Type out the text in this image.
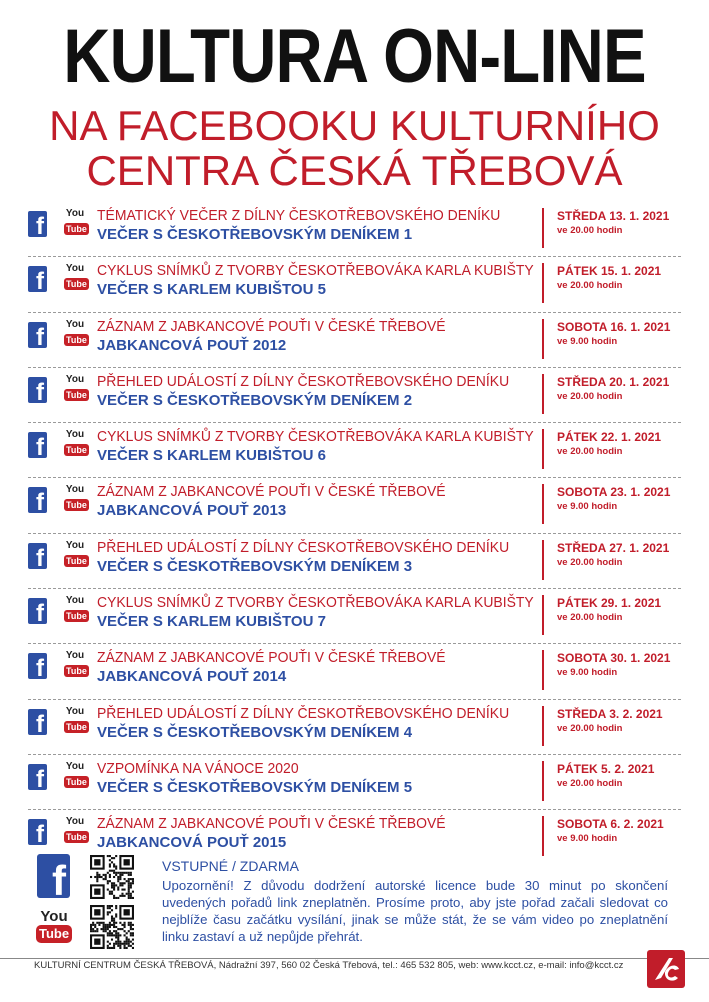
KULTURA ON-LINE
NA FACEBOOKU KULTURNÍHO
CENTRA ČESKÁ TŘEBOVÁ
f You
Tube
TÉMATICKÝ VEČER Z DÍLNY ČESKOTŘEBOVSKÉHO DENÍKU
VEČER S ČESKOTŘEBOVSKÝM DENÍKEM 1
STŘEDA 13. 1. 2021
ve 20.00 hodin
f You
Tube
CYKLUS SNÍMKŮ Z TVORBY ČESKOTŘEBOVÁKA KARLA KUBIŠTY
VEČER S KARLEM KUBIŠTOU 5
PÁTEK 15. 1. 2021
ve 20.00 hodin
f You
Tube
ZÁZNAM Z JABKANCOVÉ POUŤI V ČESKÉ TŘEBOVÉ
JABKANCOVÁ POUŤ 2012
SOBOTA 16. 1. 2021
ve 9.00 hodin
f You
Tube
PŘEHLED UDÁLOSTÍ Z DÍLNY ČESKOTŘEBOVSKÉHO DENÍKU
VEČER S ČESKOTŘEBOVSKÝM DENÍKEM 2
STŘEDA 20. 1. 2021
ve 20.00 hodin
f You
Tube
CYKLUS SNÍMKŮ Z TVORBY ČESKOTŘEBOVÁKA KARLA KUBIŠTY
VEČER S KARLEM KUBIŠTOU 6
PÁTEK 22. 1. 2021
ve 20.00 hodin
f You
Tube
ZÁZNAM Z JABKANCOVÉ POUŤI V ČESKÉ TŘEBOVÉ
JABKANCOVÁ POUŤ 2013
SOBOTA 23. 1. 2021
ve 9.00 hodin
f You
Tube
PŘEHLED UDÁLOSTÍ Z DÍLNY ČESKOTŘEBOVSKÉHO DENÍKU
VEČER S ČESKOTŘEBOVSKÝM DENÍKEM 3
STŘEDA 27. 1. 2021
ve 20.00 hodin
f You
Tube
CYKLUS SNÍMKŮ Z TVORBY ČESKOTŘEBOVÁKA KARLA KUBIŠTY
VEČER S KARLEM KUBIŠTOU 7
PÁTEK 29. 1. 2021
ve 20.00 hodin
f You
Tube
ZÁZNAM Z JABKANCOVÉ POUŤI V ČESKÉ TŘEBOVÉ
JABKANCOVÁ POUŤ 2014
SOBOTA 30. 1. 2021
ve 9.00 hodin
f You
Tube
PŘEHLED UDÁLOSTÍ Z DÍLNY ČESKOTŘEBOVSKÉHO DENÍKU
VEČER S ČESKOTŘEBOVSKÝM DENÍKEM 4
STŘEDA 3. 2. 2021
ve 20.00 hodin
f You
Tube
VZPOMÍNKA NA VÁNOCE 2020
VEČER S ČESKOTŘEBOVSKÝM DENÍKEM 5
PÁTEK 5. 2. 2021
ve 20.00 hodin
f You
Tube
ZÁZNAM Z JABKANCOVÉ POUŤI V ČESKÉ TŘEBOVÉ
JABKANCOVÁ POUŤ 2015
SOBOTA 6. 2. 2021
ve 9.00 hodin
f
You
Tube
VSTUPNÉ / ZDARMA
Upozornění! Z důvodu dodržení autorské licence bude 30 minut po skončení uvedených pořadů link zneplatněn. Prosíme proto, aby jste pořad začali sledovat co nejblíže času začátku vysílání, jinak se může stát, že se vám video po zneplatnění linku zastaví a už nepůjde přehrát.
KULTURNÍ CENTRUM ČESKÁ TŘEBOVÁ, Nádražní 397, 560 02 Česká Třebová, tel.: 465 532 805, web: www.kcct.cz, e-mail: info@kcct.cz
